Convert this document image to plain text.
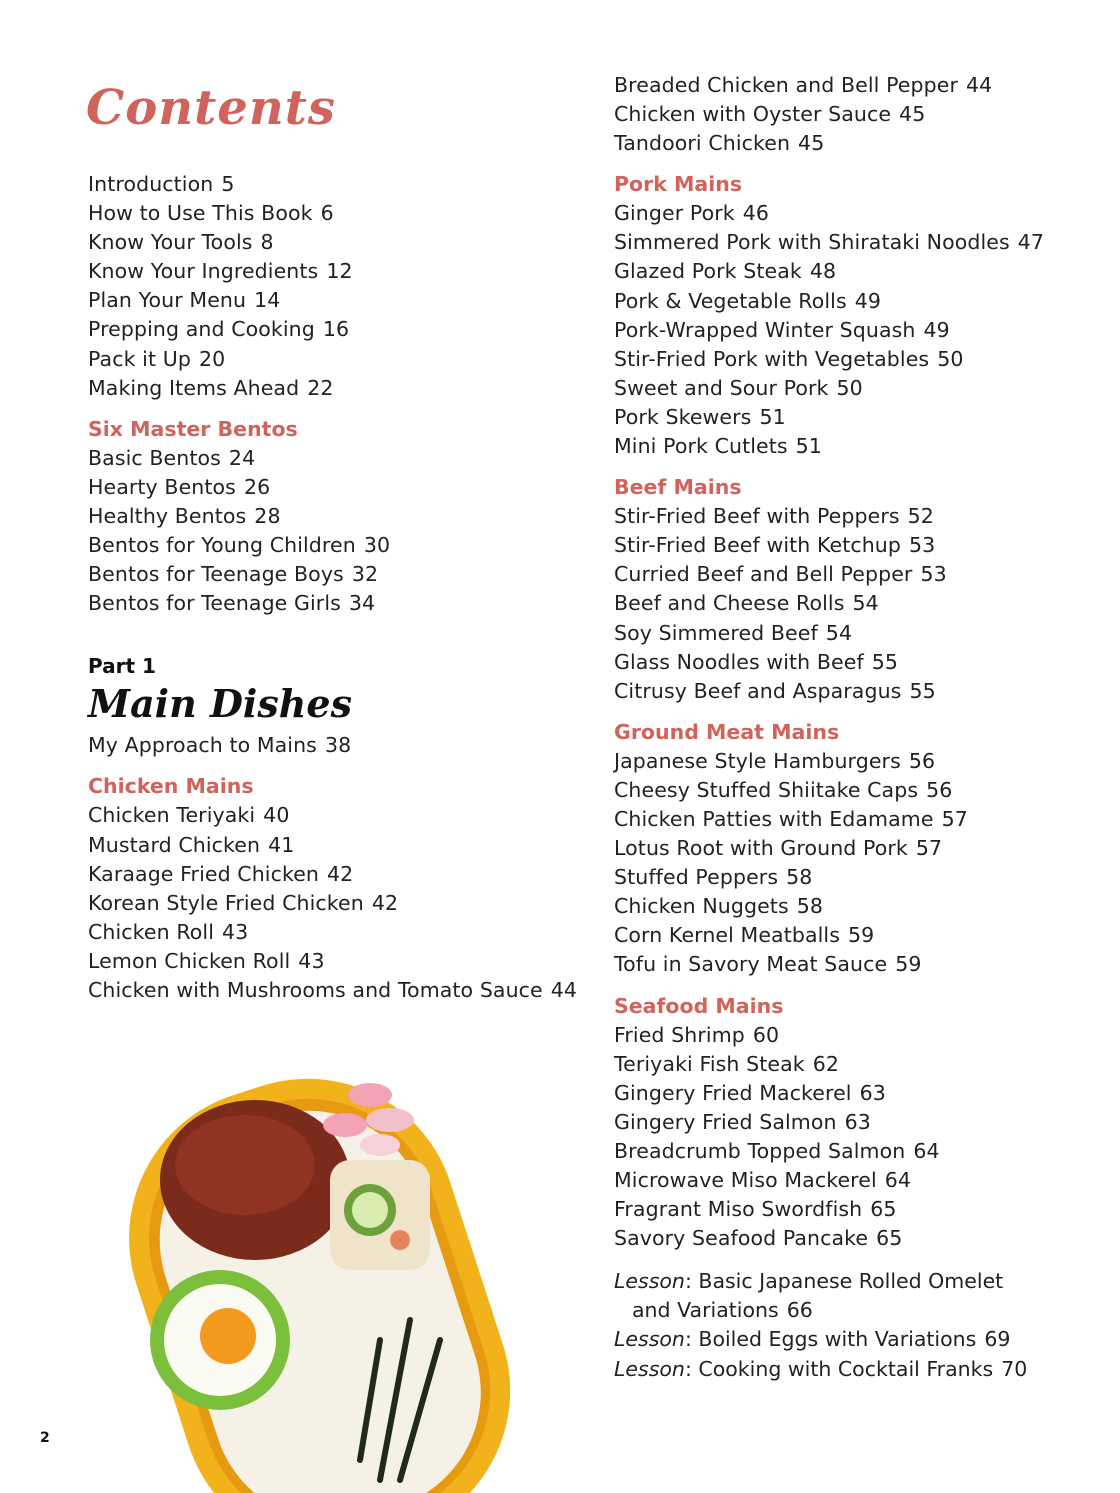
Contents
Introduction 5
How to Use This Book 6
Know Your Tools 8
Know Your Ingredients 12
Plan Your Menu 14
Prepping and Cooking 16
Pack it Up 20
Making Items Ahead 22
Six Master Bentos
Basic Bentos 24
Hearty Bentos 26
Healthy Bentos 28
Bentos for Young Children 30
Bentos for Teenage Boys 32
Bentos for Teenage Girls 34

Part 1

Main Dishes
My Approach to Mains 38
Chicken Mains
Chicken Teriyaki 40
Mustard Chicken 41
Karaage Fried Chicken 42
Korean Style Fried Chicken 42
Chicken Roll 43
Lemon Chicken Roll 43
Chicken with Mushrooms and Tomato Sauce 44
Breaded Chicken and Bell Pepper 44
Chicken with Oyster Sauce 45
Tandoori Chicken 45
Pork Mains
Ginger Pork 46
Simmered Pork with Shirataki Noodles 47
Glazed Pork Steak 48
Pork & Vegetable Rolls 49
Pork-Wrapped Winter Squash 49
Stir-Fried Pork with Vegetables 50
Sweet and Sour Pork 50
Pork Skewers 51
Mini Pork Cutlets 51
Beef Mains
Stir-Fried Beef with Peppers 52
Stir-Fried Beef with Ketchup 53
Curried Beef and Bell Pepper 53
Beef and Cheese Rolls 54
Soy Simmered Beef 54
Glass Noodles with Beef 55
Citrusy Beef and Asparagus 55
Ground Meat Mains
Japanese Style Hamburgers 56
Cheesy Stuffed Shiitake Caps 56
Chicken Patties with Edamame 57
Lotus Root with Ground Pork 57
Stuffed Peppers 58
Chicken Nuggets 58
Corn Kernel Meatballs 59
Tofu in Savory Meat Sauce 59
Seafood Mains
Fried Shrimp 60
Teriyaki Fish Steak 62
Gingery Fried Mackerel 63
Gingery Fried Salmon 63
Breadcrumb Topped Salmon 64
Microwave Miso Mackerel 64
Fragrant Miso Swordfish 65
Savory Seafood Pancake 65
Lesson: Basic Japanese Rolled Omelet
and Variations 66
Lesson: Boiled Eggs with Variations 69
Lesson: Cooking with Cocktail Franks 70

2
